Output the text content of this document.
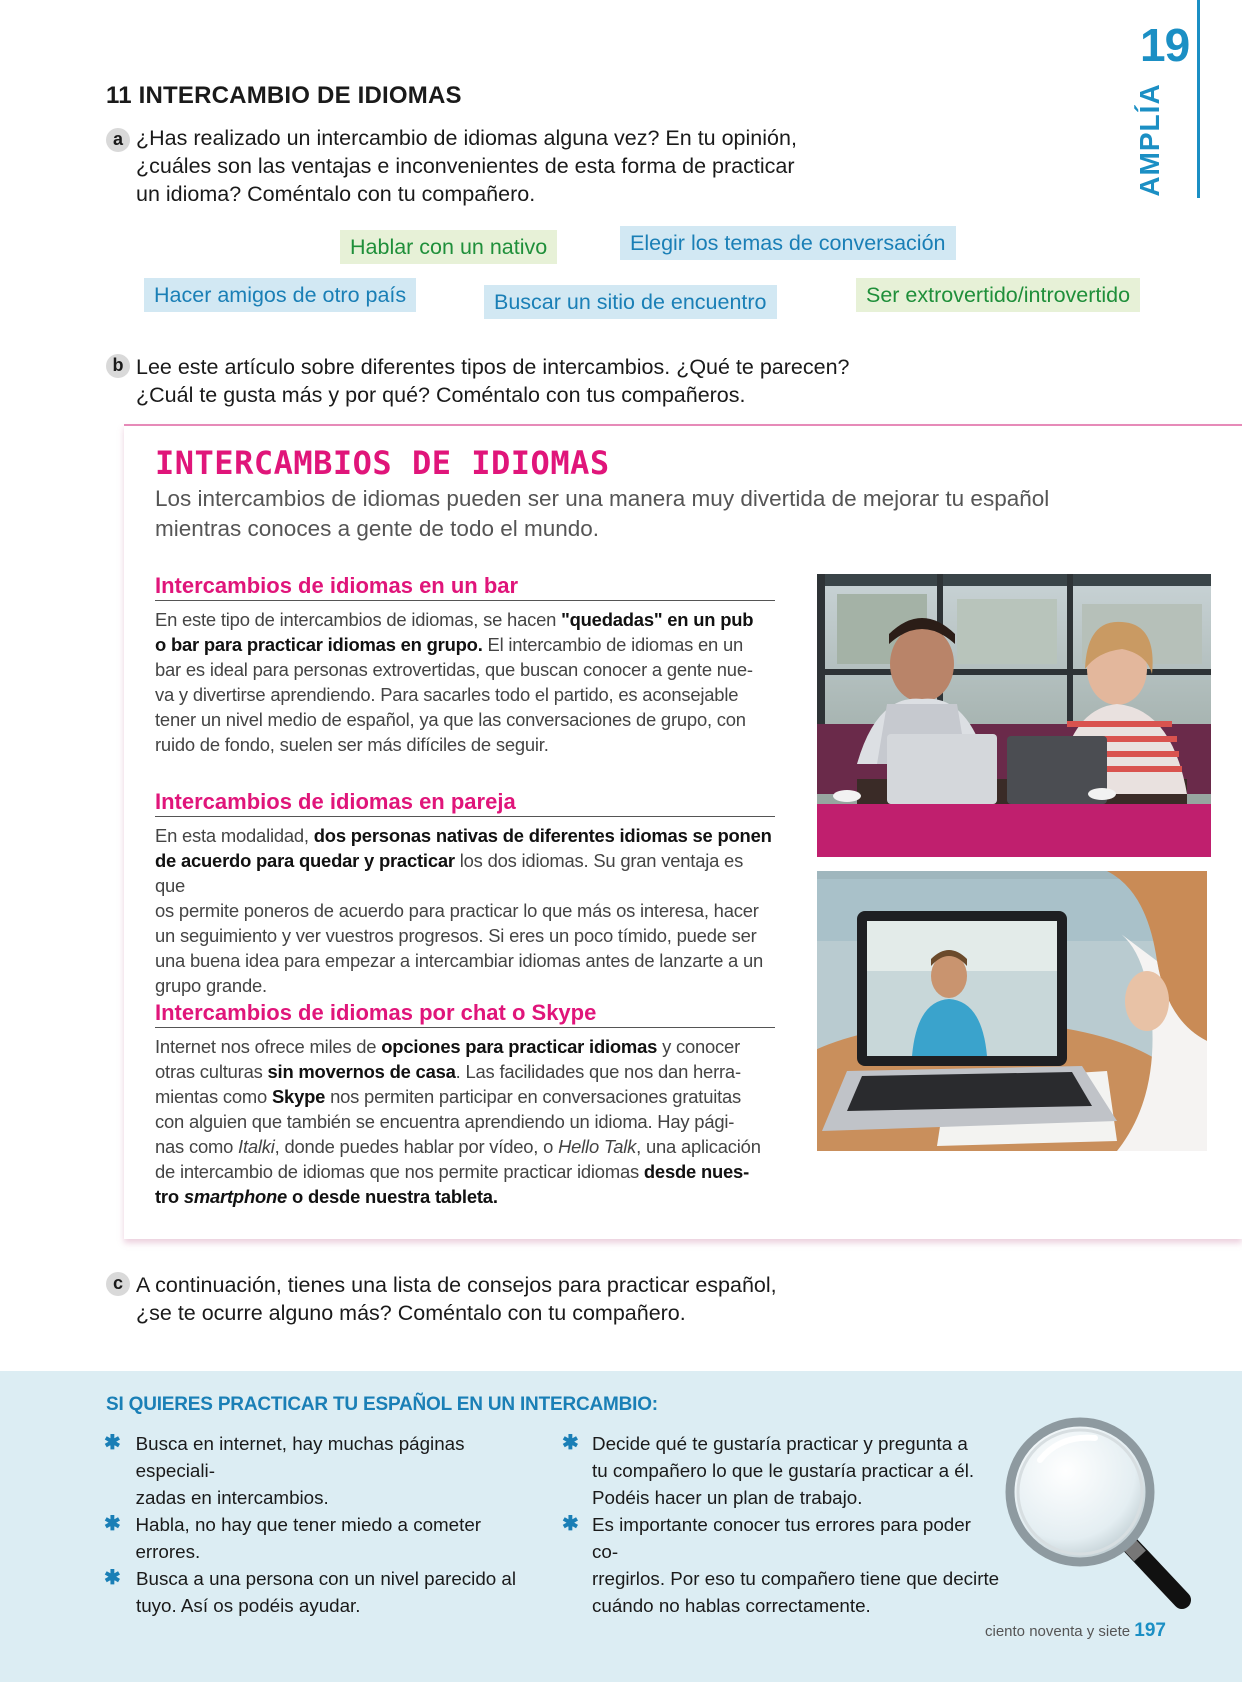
19
AMPLÍA
11 INTERCAMBIO DE IDIOMAS
a ¿Has realizado un intercambio de idiomas alguna vez? En tu opinión,
¿cuáles son las ventajas e inconvenientes de esta forma de practicar
un idioma? Coméntalo con tu compañero.
Hablar con un nativo	Elegir los temas de conversación
Hacer amigos de otro país	Buscar un sitio de encuentro	Ser extrovertido/introvertido
b Lee este artículo sobre diferentes tipos de intercambios. ¿Qué te parecen?
¿Cuál te gusta más y por qué? Coméntalo con tus compañeros.
INTERCAMBIOS DE IDIOMAS
Los intercambios de idiomas pueden ser una manera muy divertida de mejorar tu español
mientras conoces a gente de todo el mundo.
Intercambios de idiomas en un bar
En este tipo de intercambios de idiomas, se hacen "quedadas" en un pub
o bar para practicar idiomas en grupo. El intercambio de idiomas en un
bar es ideal para personas extrovertidas, que buscan conocer a gente nue-
va y divertirse aprendiendo. Para sacarles todo el partido, es aconsejable
tener un nivel medio de español, ya que las conversaciones de grupo, con
ruido de fondo, suelen ser más difíciles de seguir.
Intercambios de idiomas en pareja
En esta modalidad, dos personas nativas de diferentes idiomas se ponen
de acuerdo para quedar y practicar los dos idiomas. Su gran ventaja es que
os permite poneros de acuerdo para practicar lo que más os interesa, hacer
un seguimiento y ver vuestros progresos. Si eres un poco tímido, puede ser
una buena idea para empezar a intercambiar idiomas antes de lanzarte a un
grupo grande.
Intercambios de idiomas por chat o Skype
Internet nos ofrece miles de opciones para practicar idiomas y conocer
otras culturas sin movernos de casa. Las facilidades que nos dan herra-
mientas como Skype nos permiten participar en conversaciones gratuitas
con alguien que también se encuentra aprendiendo un idioma. Hay pági-
nas como Italki, donde puedes hablar por vídeo, o Hello Talk, una aplicación
de intercambio de idiomas que nos permite practicar idiomas desde nues-
tro smartphone o desde nuestra tableta.
c A continuación, tienes una lista de consejos para practicar español,
¿se te ocurre alguno más? Coméntalo con tu compañero.
SI QUIERES PRACTICAR TU ESPAÑOL EN UN INTERCAMBIO:
✱ Busca en internet, hay muchas páginas especiali-
zadas en intercambios.
✱ Habla, no hay que tener miedo a cometer errores.
✱ Busca a una persona con un nivel parecido al
tuyo. Así os podéis ayudar.
✱ Decide qué te gustaría practicar y pregunta a
tu compañero lo que le gustaría practicar a él.
Podéis hacer un plan de trabajo.
✱ Es importante conocer tus errores para poder co-
rregirlos. Por eso tu compañero tiene que decirte
cuándo no hablas correctamente.
ciento noventa y siete 197
